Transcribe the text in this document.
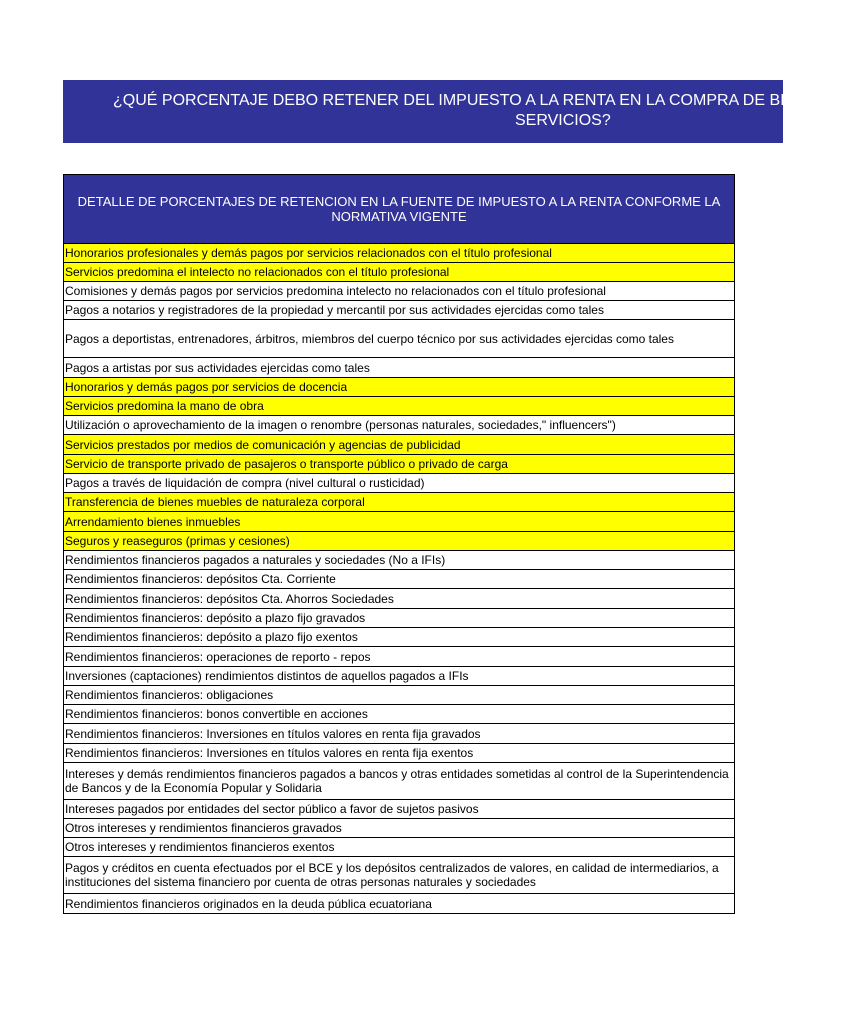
¿QUÉ PORCENTAJE DEBO RETENER DEL IMPUESTO A LA RENTA EN LA COMPRA DE BIENES Y
SERVICIOS?
DETALLE DE PORCENTAJES DE RETENCION EN LA FUENTE DE IMPUESTO A LA RENTA CONFORME LA NORMATIVA VIGENTE
Honorarios profesionales y demás pagos por servicios relacionados con el título profesional
Servicios predomina el intelecto no relacionados con el título profesional
Comisiones y demás pagos por servicios predomina intelecto no relacionados con el título profesional
Pagos a notarios y registradores de la propiedad y mercantil por sus actividades ejercidas como tales
Pagos a deportistas, entrenadores, árbitros, miembros del cuerpo técnico por sus actividades ejercidas como tales
Pagos a artistas por sus actividades ejercidas como tales
Honorarios y demás pagos por servicios de docencia
Servicios predomina la mano de obra
Utilización o aprovechamiento de la imagen o renombre (personas naturales, sociedades," influencers")
Servicios prestados por medios de comunicación y agencias de publicidad
Servicio de transporte privado de pasajeros o transporte público o privado de carga
Pagos a través de liquidación de compra (nivel cultural o rusticidad)
Transferencia de bienes muebles de naturaleza corporal
Arrendamiento bienes inmuebles
Seguros y reaseguros (primas y cesiones)
Rendimientos financieros pagados a naturales y sociedades (No a IFIs)
Rendimientos financieros: depósitos Cta. Corriente
Rendimientos financieros: depósitos Cta. Ahorros Sociedades
Rendimientos financieros: depósito a plazo fijo gravados
Rendimientos financieros: depósito a plazo fijo exentos
Rendimientos financieros: operaciones de reporto - repos
Inversiones (captaciones) rendimientos distintos de aquellos pagados a IFIs
Rendimientos financieros: obligaciones
Rendimientos financieros: bonos convertible en acciones
Rendimientos financieros: Inversiones en títulos valores en renta fija gravados
Rendimientos financieros: Inversiones en títulos valores en renta fija exentos
Intereses y demás rendimientos financieros pagados a bancos y otras entidades sometidas al control de la Superintendencia de Bancos y de la Economía Popular y Solidaria
Intereses pagados por entidades del sector público a favor de sujetos pasivos
Otros intereses y rendimientos financieros gravados
Otros intereses y rendimientos financieros exentos
Pagos y créditos en cuenta efectuados por el BCE y los depósitos centralizados de valores, en calidad de intermediarios, a instituciones del sistema financiero por cuenta de otras personas naturales y sociedades
Rendimientos financieros originados en la deuda pública ecuatoriana
